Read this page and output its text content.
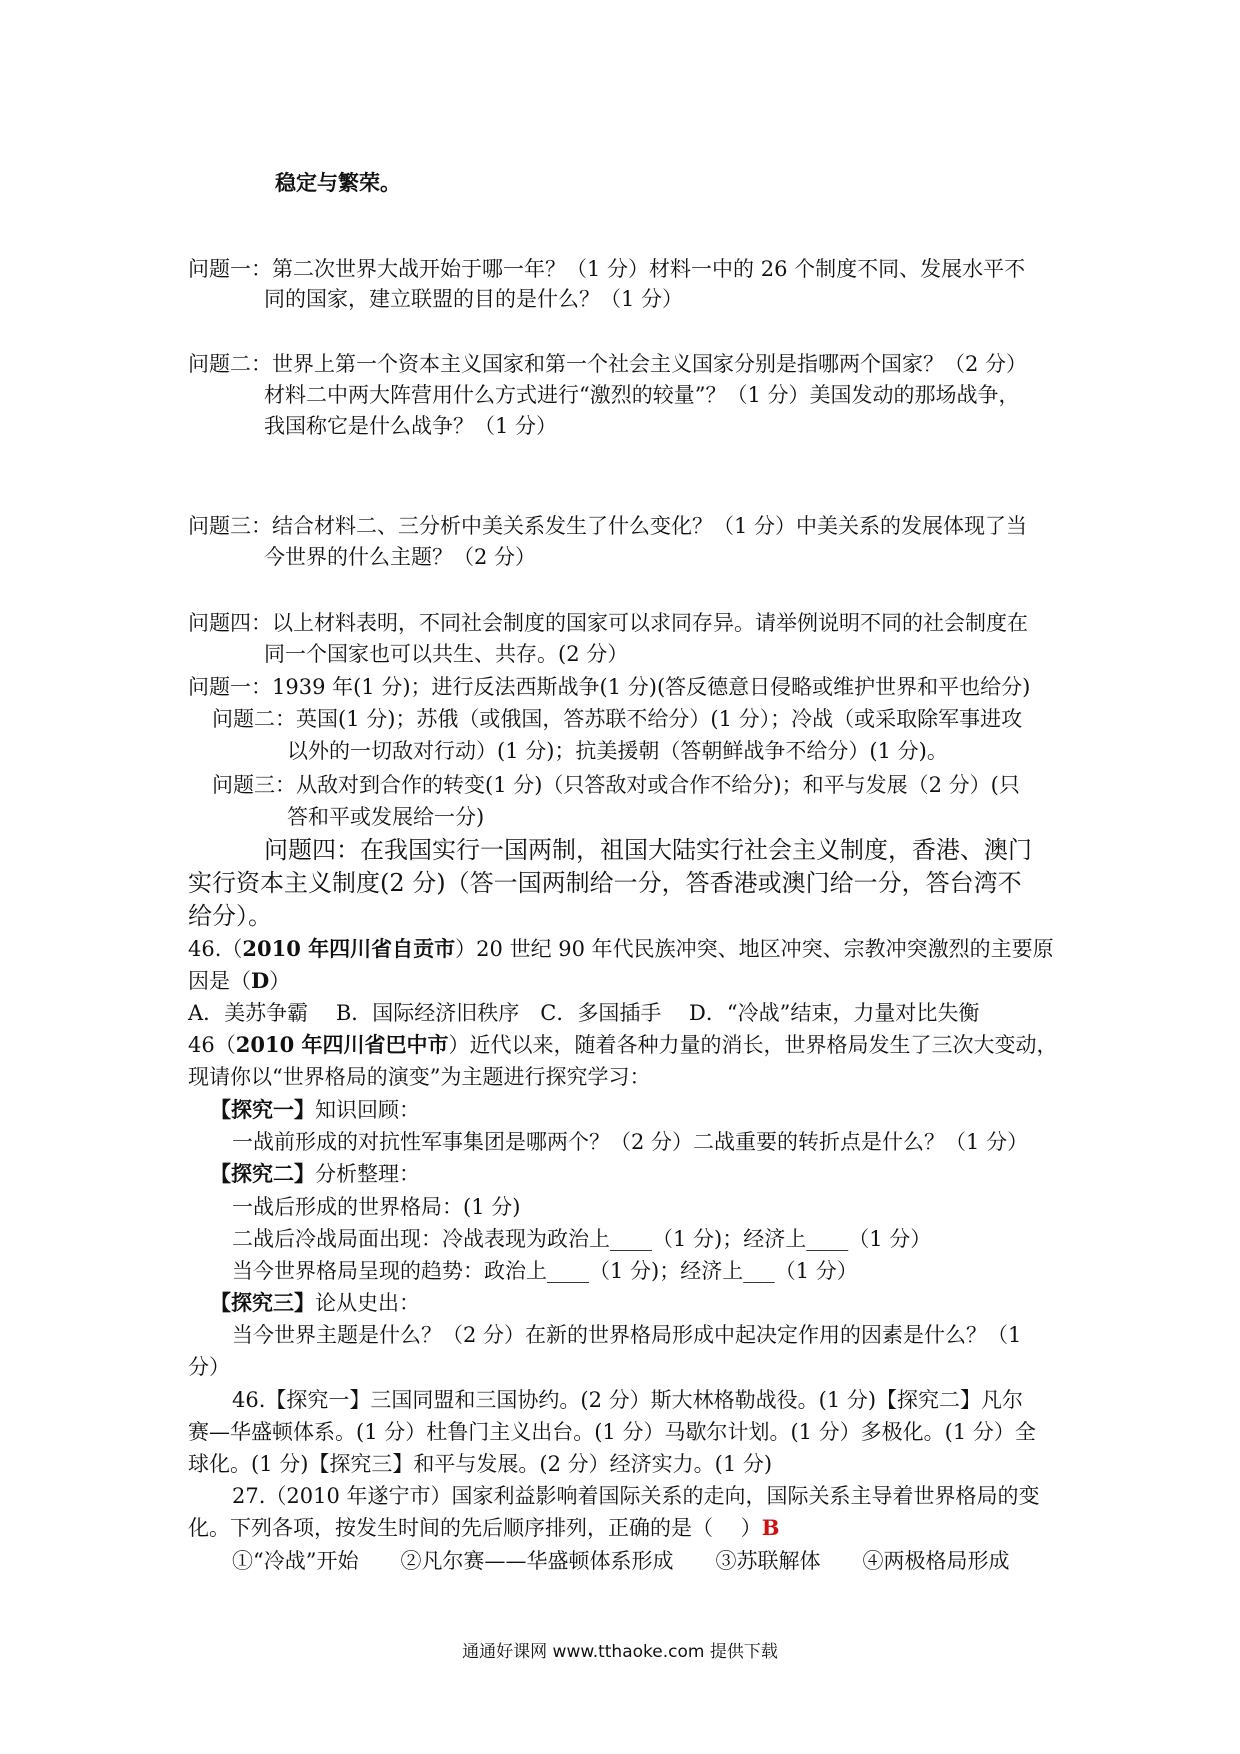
稳定与繁荣。
问题一：第二次世界大战开始于哪一年？（1 分）材料一中的 26 个制度不同、发展水平不
同的国家，建立联盟的目的是什么？（1 分）
问题二：世界上第一个资本主义国家和第一个社会主义国家分别是指哪两个国家？（2 分）
材料二中两大阵营用什么方式进行“激烈的较量”？（1 分）美国发动的那场战争，
我国称它是什么战争？（1 分）
问题三：结合材料二、三分析中美关系发生了什么变化？（1 分）中美关系的发展体现了当
今世界的什么主题？（2 分）
问题四：以上材料表明，不同社会制度的国家可以求同存异。请举例说明不同的社会制度在
同一个国家也可以共生、共存。(2 分）
问题一：1939 年(1 分)；进行反法西斯战争(1 分)(答反德意日侵略或维护世界和平也给分)
问题二：英国(1 分)；苏俄（或俄国，答苏联不给分）(1 分）；冷战（或采取除军事进攻
以外的一切敌对行动）(1 分)；抗美援朝（答朝鲜战争不给分）(1 分)。
问题三：从敌对到合作的转变(1 分)（只答敌对或合作不给分)；和平与发展（2 分）(只
答和平或发展给一分)
问题四：在我国实行一国两制，祖国大陆实行社会主义制度，香港、澳门
实行资本主义制度(2 分)（答一国两制给一分，答香港或澳门给一分，答台湾不
给分）。
46.（2010 年四川省自贡市）20 世纪 90 年代民族冲突、地区冲突、宗教冲突激烈的主要原
因是（D）
A．美苏争霸　 B．国际经济旧秩序　C．多国插手　 D．“冷战”结束，力量对比失衡
46（2010 年四川省巴中市）近代以来，随着各种力量的消长，世界格局发生了三次大变动，
现请你以“世界格局的演变”为主题进行探究学习：
【探究一】知识回顾：
一战前形成的对抗性军事集团是哪两个？（2 分）二战重要的转折点是什么？（1 分）
【探究二】分析整理：
一战后形成的世界格局：(1 分)
二战后冷战局面出现：冷战表现为政治上____（1 分)；经济上____（1 分）
当今世界格局呈现的趋势：政治上____（1 分)；经济上___（1 分）
【探究三】论从史出：
当今世界主题是什么？（2 分）在新的世界格局形成中起决定作用的因素是什么？（1
分）
46.【探究一】三国同盟和三国协约。(2 分）斯大林格勒战役。(1 分)【探究二】凡尔
赛—华盛顿体系。(1 分）杜鲁门主义出台。(1 分）马歇尔计划。(1 分）多极化。(1 分）全
球化。(1 分)【探究三】和平与发展。(2 分）经济实力。(1 分)
27.（2010 年遂宁市）国家利益影响着国际关系的走向，国际关系主导着世界格局的变
化。下列各项，按发生时间的先后顺序排列，正确的是（　 ）B
①“冷战”开始　　②凡尔赛——华盛顿体系形成　　③苏联解体　　④两极格局形成
通通好课网 www.tthaoke.com 提供下载
